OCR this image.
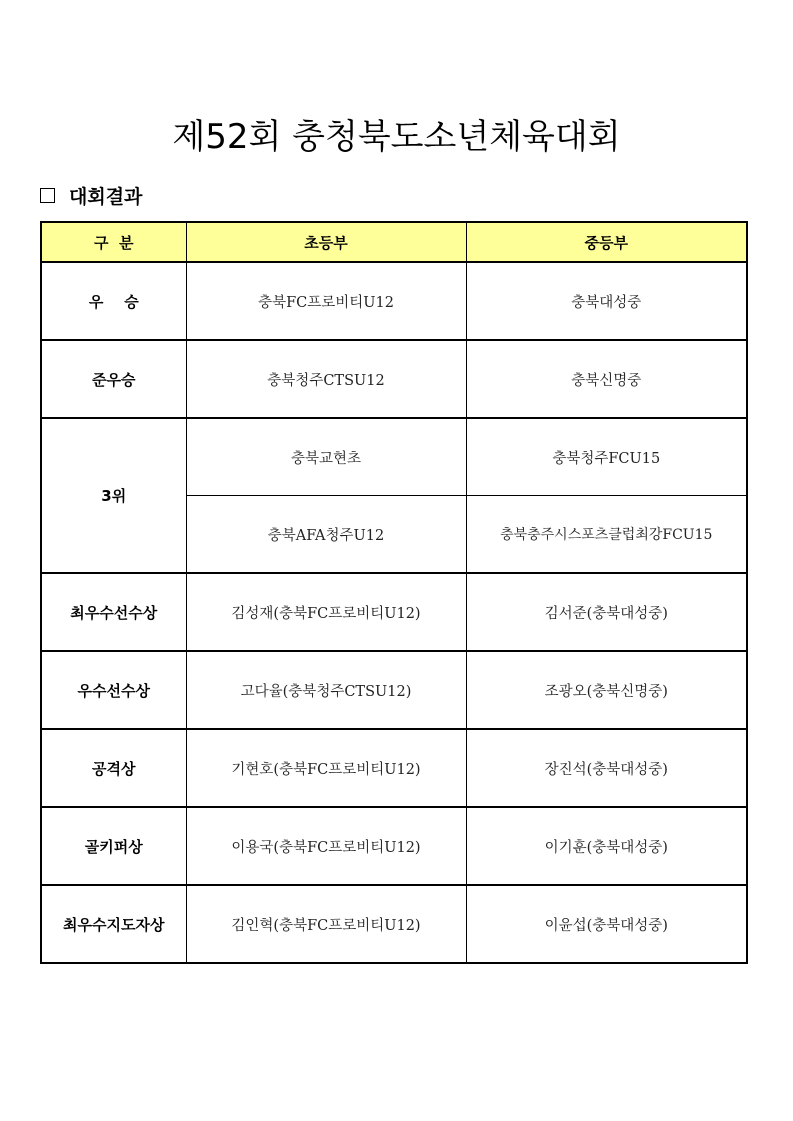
제52회 충청북도소년체육대회
대회결과
구  분	초등부	중등부
우    승	충북FC프로비티U12	충북대성중
준우승	충북청주CTSU12	충북신명중
3위	충북교현초	충북청주FCU15
	충북AFA청주U12	충북충주시스포츠클럽최강FCU15
최우수선수상	김성재(충북FC프로비티U12)	김서준(충북대성중)
우수선수상	고다율(충북청주CTSU12)	조광오(충북신명중)
공격상	기현호(충북FC프로비티U12)	장진석(충북대성중)
골키퍼상	이용국(충북FC프로비티U12)	이기훈(충북대성중)
최우수지도자상	김인혁(충북FC프로비티U12)	이윤섭(충북대성중)
